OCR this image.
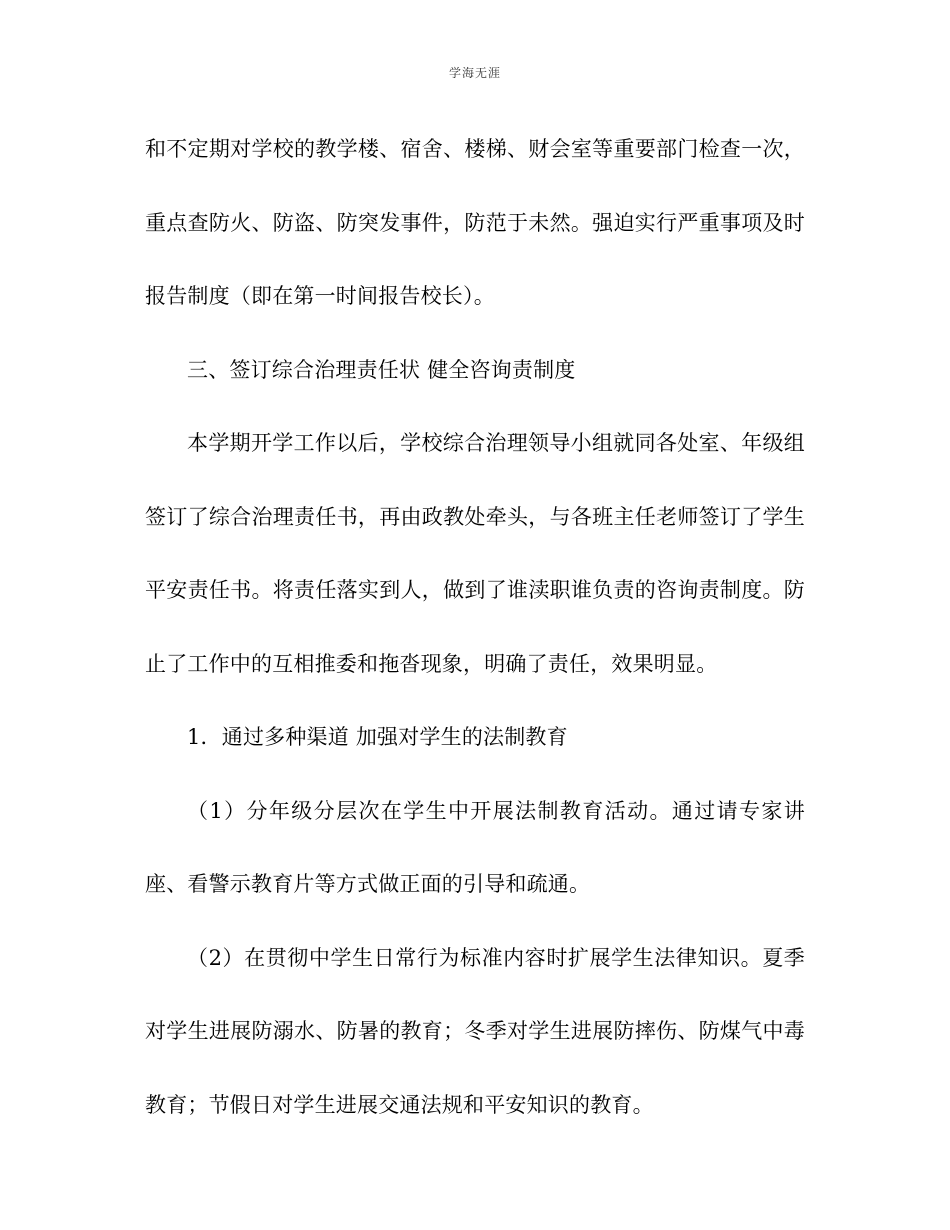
学海无涯

和不定期对学校的教学楼、宿舍、楼梯、财会室等重要部门检查一次，重点查防火、防盗、防突发事件，防范于未然。强迫实行严重事项及时报告制度（即在第一时间报告校长）。

三、签订综合治理责任状 健全咨询责制度

本学期开学工作以后，学校综合治理领导小组就同各处室、年级组签订了综合治理责任书，再由政教处牵头，与各班主任老师签订了学生平安责任书。将责任落实到人，做到了谁渎职谁负责的咨询责制度。防止了工作中的互相推委和拖沓现象，明确了责任，效果明显。

1．通过多种渠道 加强对学生的法制教育

（1）分年级分层次在学生中开展法制教育活动。通过请专家讲座、看警示教育片等方式做正面的引导和疏通。

（2）在贯彻中学生日常行为标准内容时扩展学生法律知识。夏季对学生进展防溺水、防暑的教育；冬季对学生进展防摔伤、防煤气中毒教育；节假日对学生进展交通法规和平安知识的教育。
